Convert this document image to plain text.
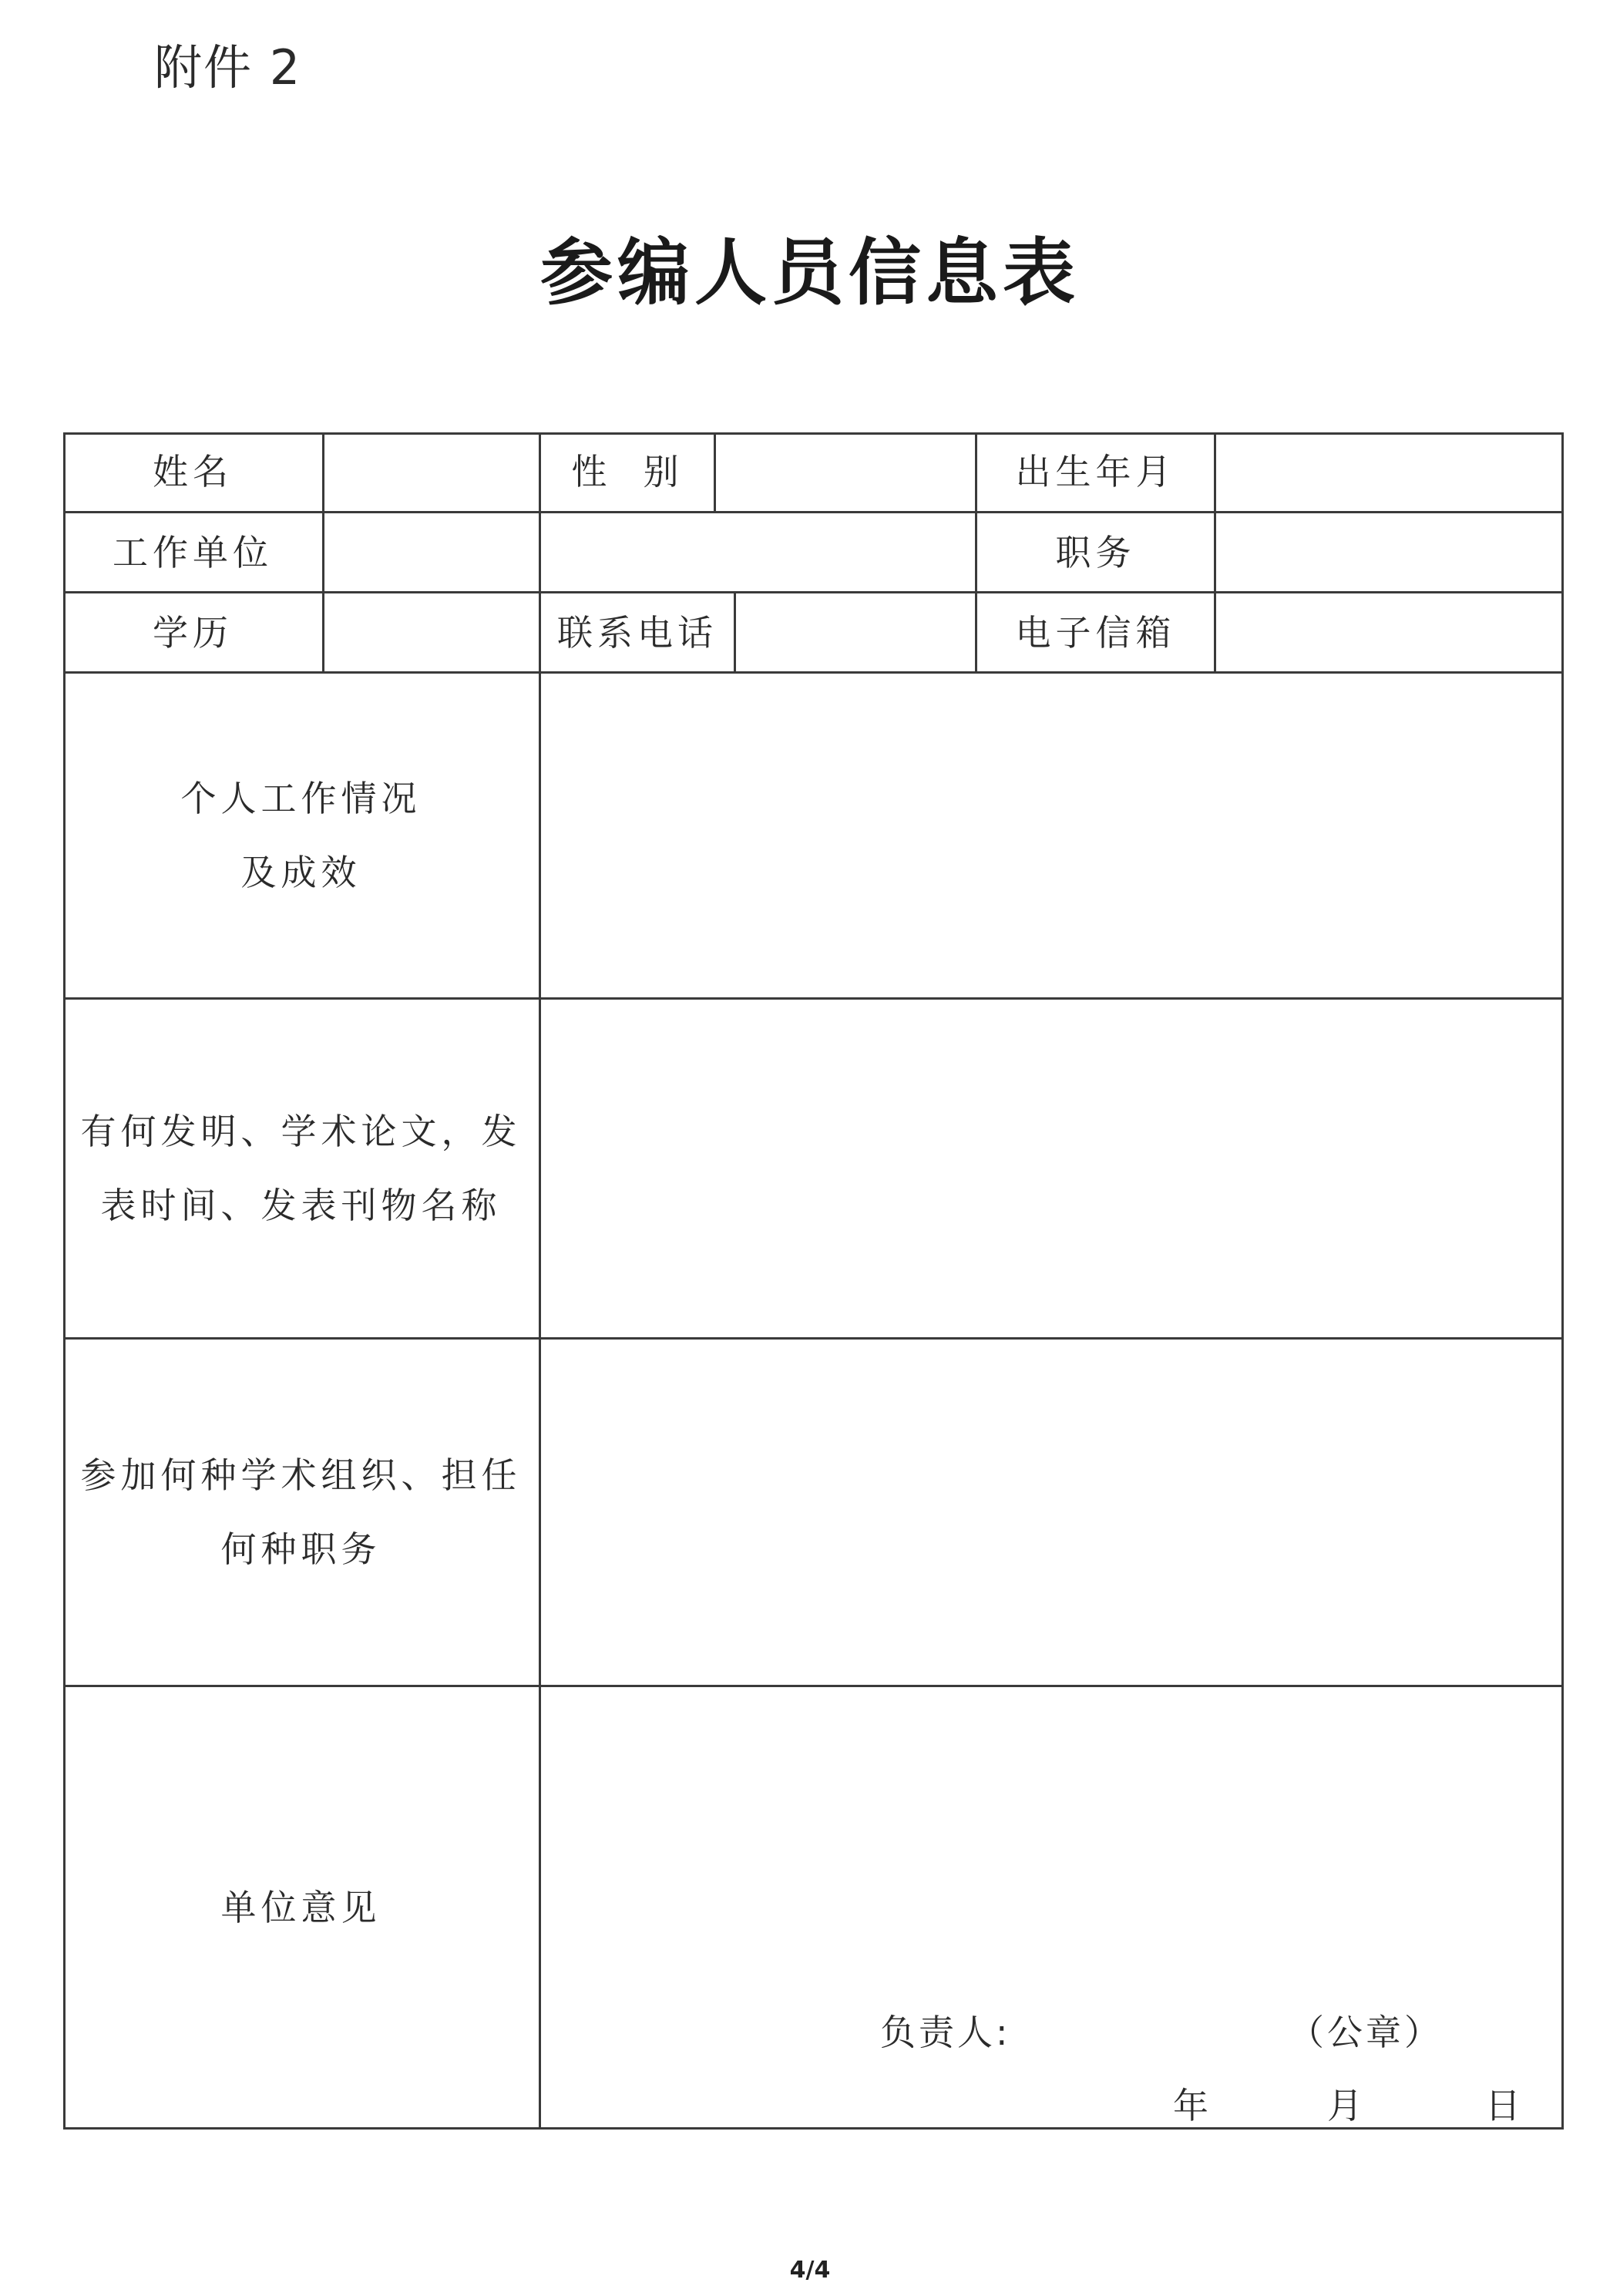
附件 2
参编人员信息表
姓名	性  别	出生年月
工作单位	职务
学历	联系电话	电子信箱
个人工作情况
及成效
有何发明、学术论文，发
表时间、发表刊物名称
参加何种学术组织、担任
何种职务
单位意见
负责人:	（公章）
年	月	日
4/4
